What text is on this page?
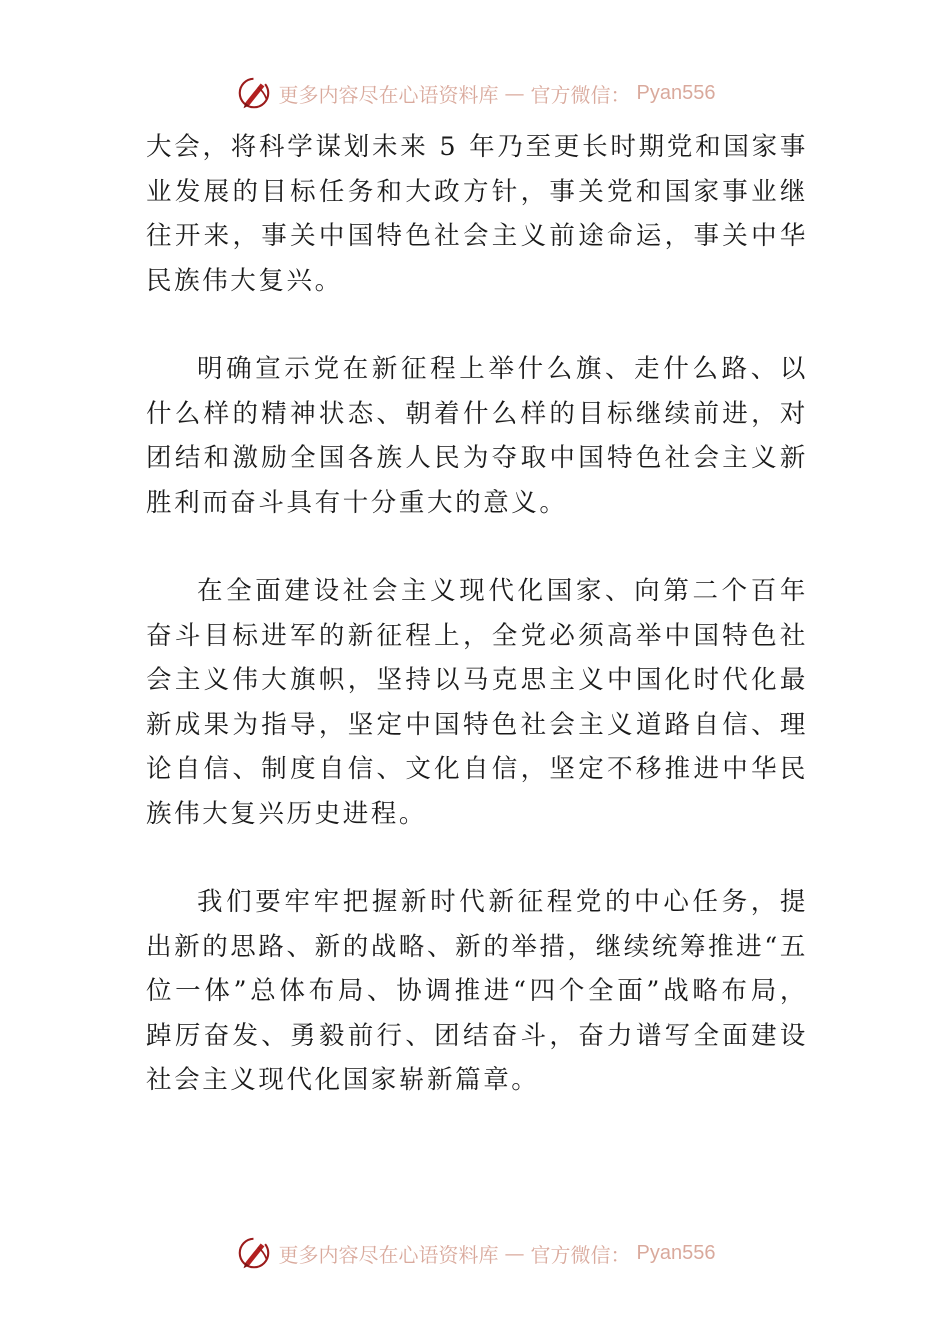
更多内容尽在心语资料库 — 官方微信： Pyan556

大会，将科学谋划未来 5 年乃至更长时期党和国家事业发展的目标任务和大政方针，事关党和国家事业继往开来，事关中国特色社会主义前途命运，事关中华民族伟大复兴。

明确宣示党在新征程上举什么旗、走什么路、以什么样的精神状态、朝着什么样的目标继续前进，对团结和激励全国各族人民为夺取中国特色社会主义新胜利而奋斗具有十分重大的意义。

在全面建设社会主义现代化国家、向第二个百年奋斗目标进军的新征程上，全党必须高举中国特色社会主义伟大旗帜，坚持以马克思主义中国化时代化最新成果为指导，坚定中国特色社会主义道路自信、理论自信、制度自信、文化自信，坚定不移推进中华民族伟大复兴历史进程。

我们要牢牢把握新时代新征程党的中心任务，提出新的思路、新的战略、新的举措，继续统筹推进“五位一体”总体布局、协调推进“四个全面”战略布局，踔厉奋发、勇毅前行、团结奋斗，奋力谱写全面建设社会主义现代化国家崭新篇章。

更多内容尽在心语资料库 — 官方微信： Pyan556
